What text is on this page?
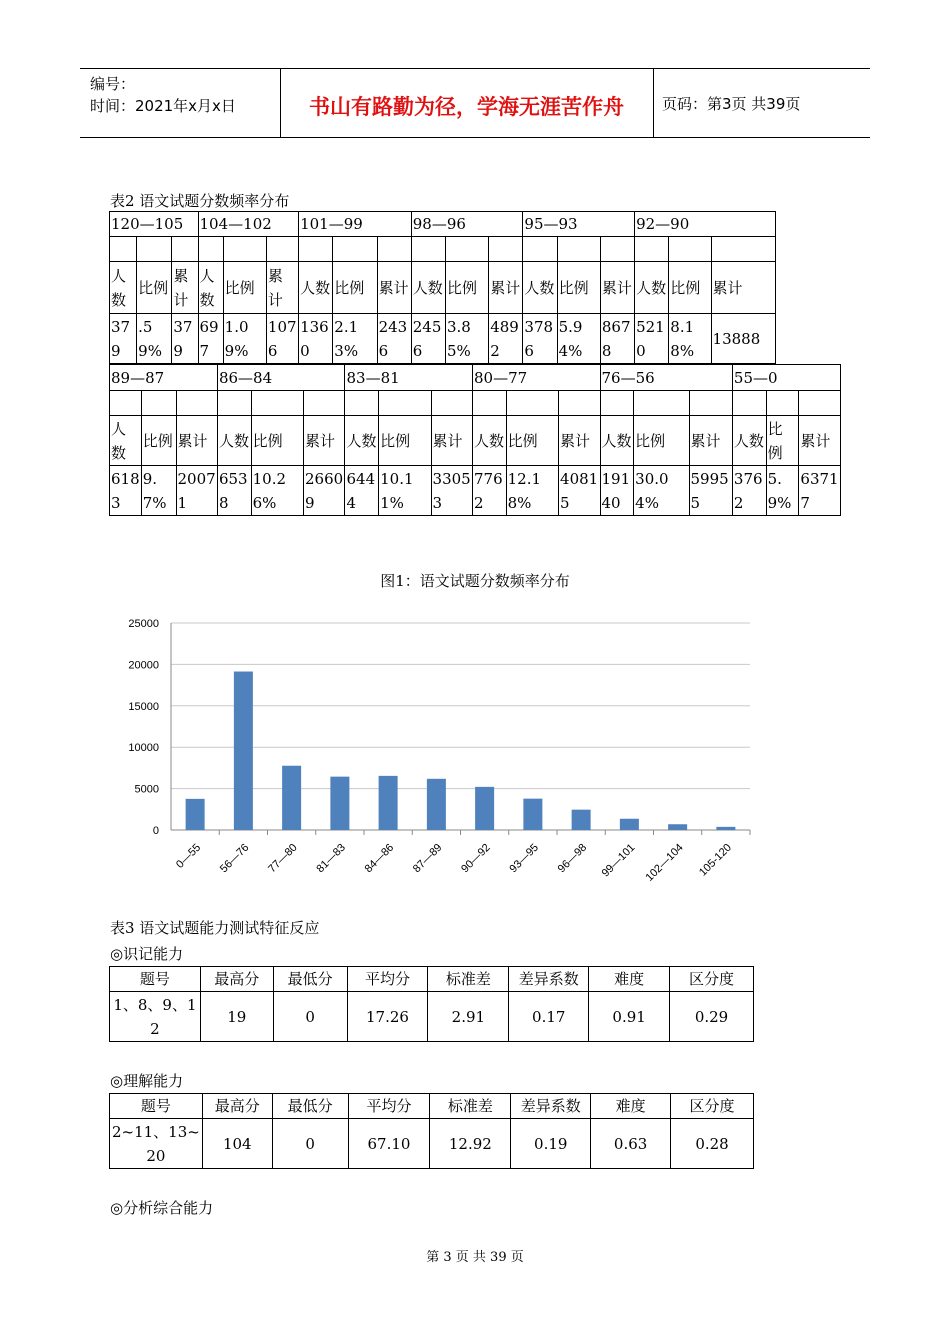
编号：
时间：2021年x月x日	书山有路勤为径，学海无涯苦作舟	页码：第3页 共39页
表2 语文试题分数频率分布
120—105			104—102			101—99			98—96			95—93			92—90		

人数	比例	累计	人数	比例	累计	人数	比例	累计	人数	比例	累计	人数	比例	累计	人数	比例	累计
379	.59%	379	697	1.09%	1076	1360	2.13%	2436	2456	3.85%	4892	3786	5.94%	8678	5210	8.18%	13888
89—87			86—84			83—81			80—77			76—56			55—0		

人数	比例	累计	人数	比例	累计	人数	比例	累计	人数	比例	累计	人数	比例	累计	人数	比例	累计
6183	9.7%	20071	6538	10.26%	26609	6444	10.11%	33053	7762	12.18%	40815	19140	30.04%	59955	3762	5.9%	63717
图1：语文试题分数频率分布
25000
20000
15000
10000
5000
0
0—55 56—76 77—80 81—83 84—86 87—89 90—92 93—95 96—98 99—101 102—104 105-120
表3 语文试题能力测试特征反应
◎识记能力
题号	最高分	最低分	平均分	标准差	差异系数	难度	区分度
1、8、9、12	19	0	17.26	2.91	0.17	0.91	0.29
◎理解能力
题号	最高分	最低分	平均分	标准差	差异系数	难度	区分度
2~11、13~20	104	0	67.10	12.92	0.19	0.63	0.28
◎分析综合能力
第 3 页 共 39 页
